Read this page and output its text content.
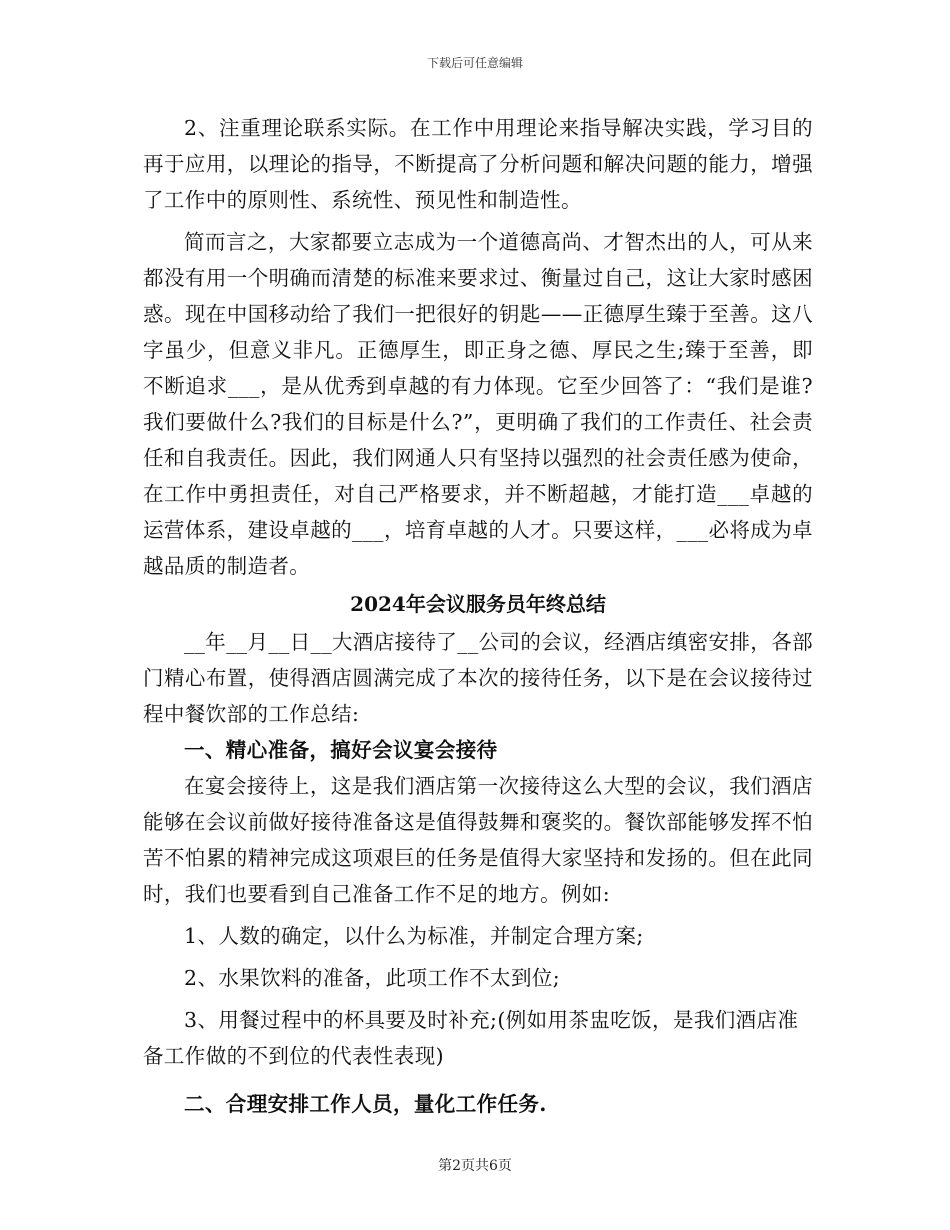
下载后可任意编辑

2、注重理论联系实际。在工作中用理论来指导解决实践，学习目的再于应用，以理论的指导，不断提高了分析问题和解决问题的能力，增强了工作中的原则性、系统性、预见性和制造性。

简而言之，大家都要立志成为一个道德高尚、才智杰出的人，可从来都没有用一个明确而清楚的标准来要求过、衡量过自己，这让大家时感困惑。现在中国移动给了我们一把很好的钥匙——正德厚生臻于至善。这八字虽少，但意义非凡。正德厚生，即正身之德、厚民之生;臻于至善，即不断追求___，是从优秀到卓越的有力体现。它至少回答了：“我们是谁?我们要做什么?我们的目标是什么?”，更明确了我们的工作责任、社会责任和自我责任。因此，我们网通人只有坚持以强烈的社会责任感为使命，在工作中勇担责任，对自己严格要求，并不断超越，才能打造___卓越的运营体系，建设卓越的___，培育卓越的人才。只要这样，___必将成为卓越品质的制造者。

2024年会议服务员年终总结

__年__月__日__大酒店接待了__公司的会议，经酒店缜密安排，各部门精心布置，使得酒店圆满完成了本次的接待任务，以下是在会议接待过程中餐饮部的工作总结:

一、精心准备，搞好会议宴会接待

在宴会接待上，这是我们酒店第一次接待这么大型的会议，我们酒店能够在会议前做好接待准备这是值得鼓舞和褒奖的。餐饮部能够发挥不怕苦不怕累的精神完成这项艰巨的任务是值得大家坚持和发扬的。但在此同时，我们也要看到自己准备工作不足的地方。例如:

1、人数的确定，以什么为标准，并制定合理方案;
2、水果饮料的准备，此项工作不太到位;
3、用餐过程中的杯具要及时补充;(例如用茶盅吃饭，是我们酒店准备工作做的不到位的代表性表现)
二、合理安排工作人员，量化工作任务.
第2页共6页
